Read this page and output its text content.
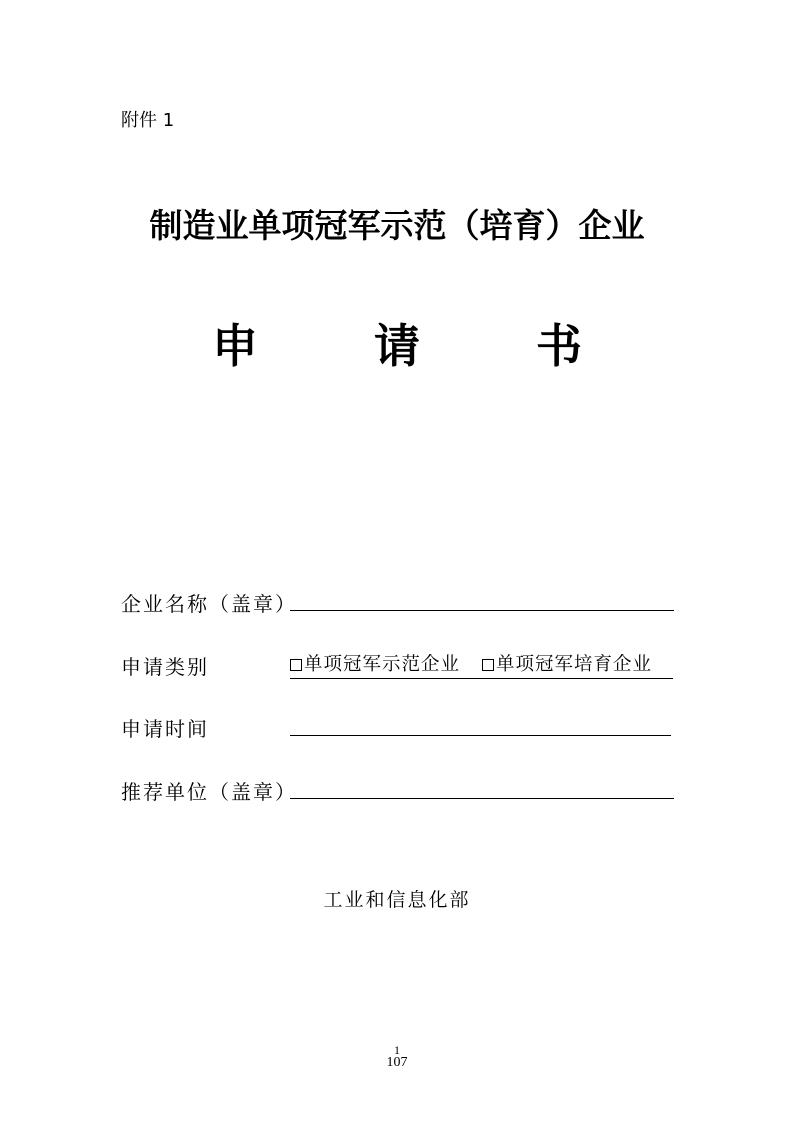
附件 1
制造业单项冠军示范（培育）企业
申 请 书
企业名称（盖章）
申请类别	单项冠军示范企业 单项冠军培育企业
申请时间
推荐单位（盖章）
工业和信息化部
1
107
